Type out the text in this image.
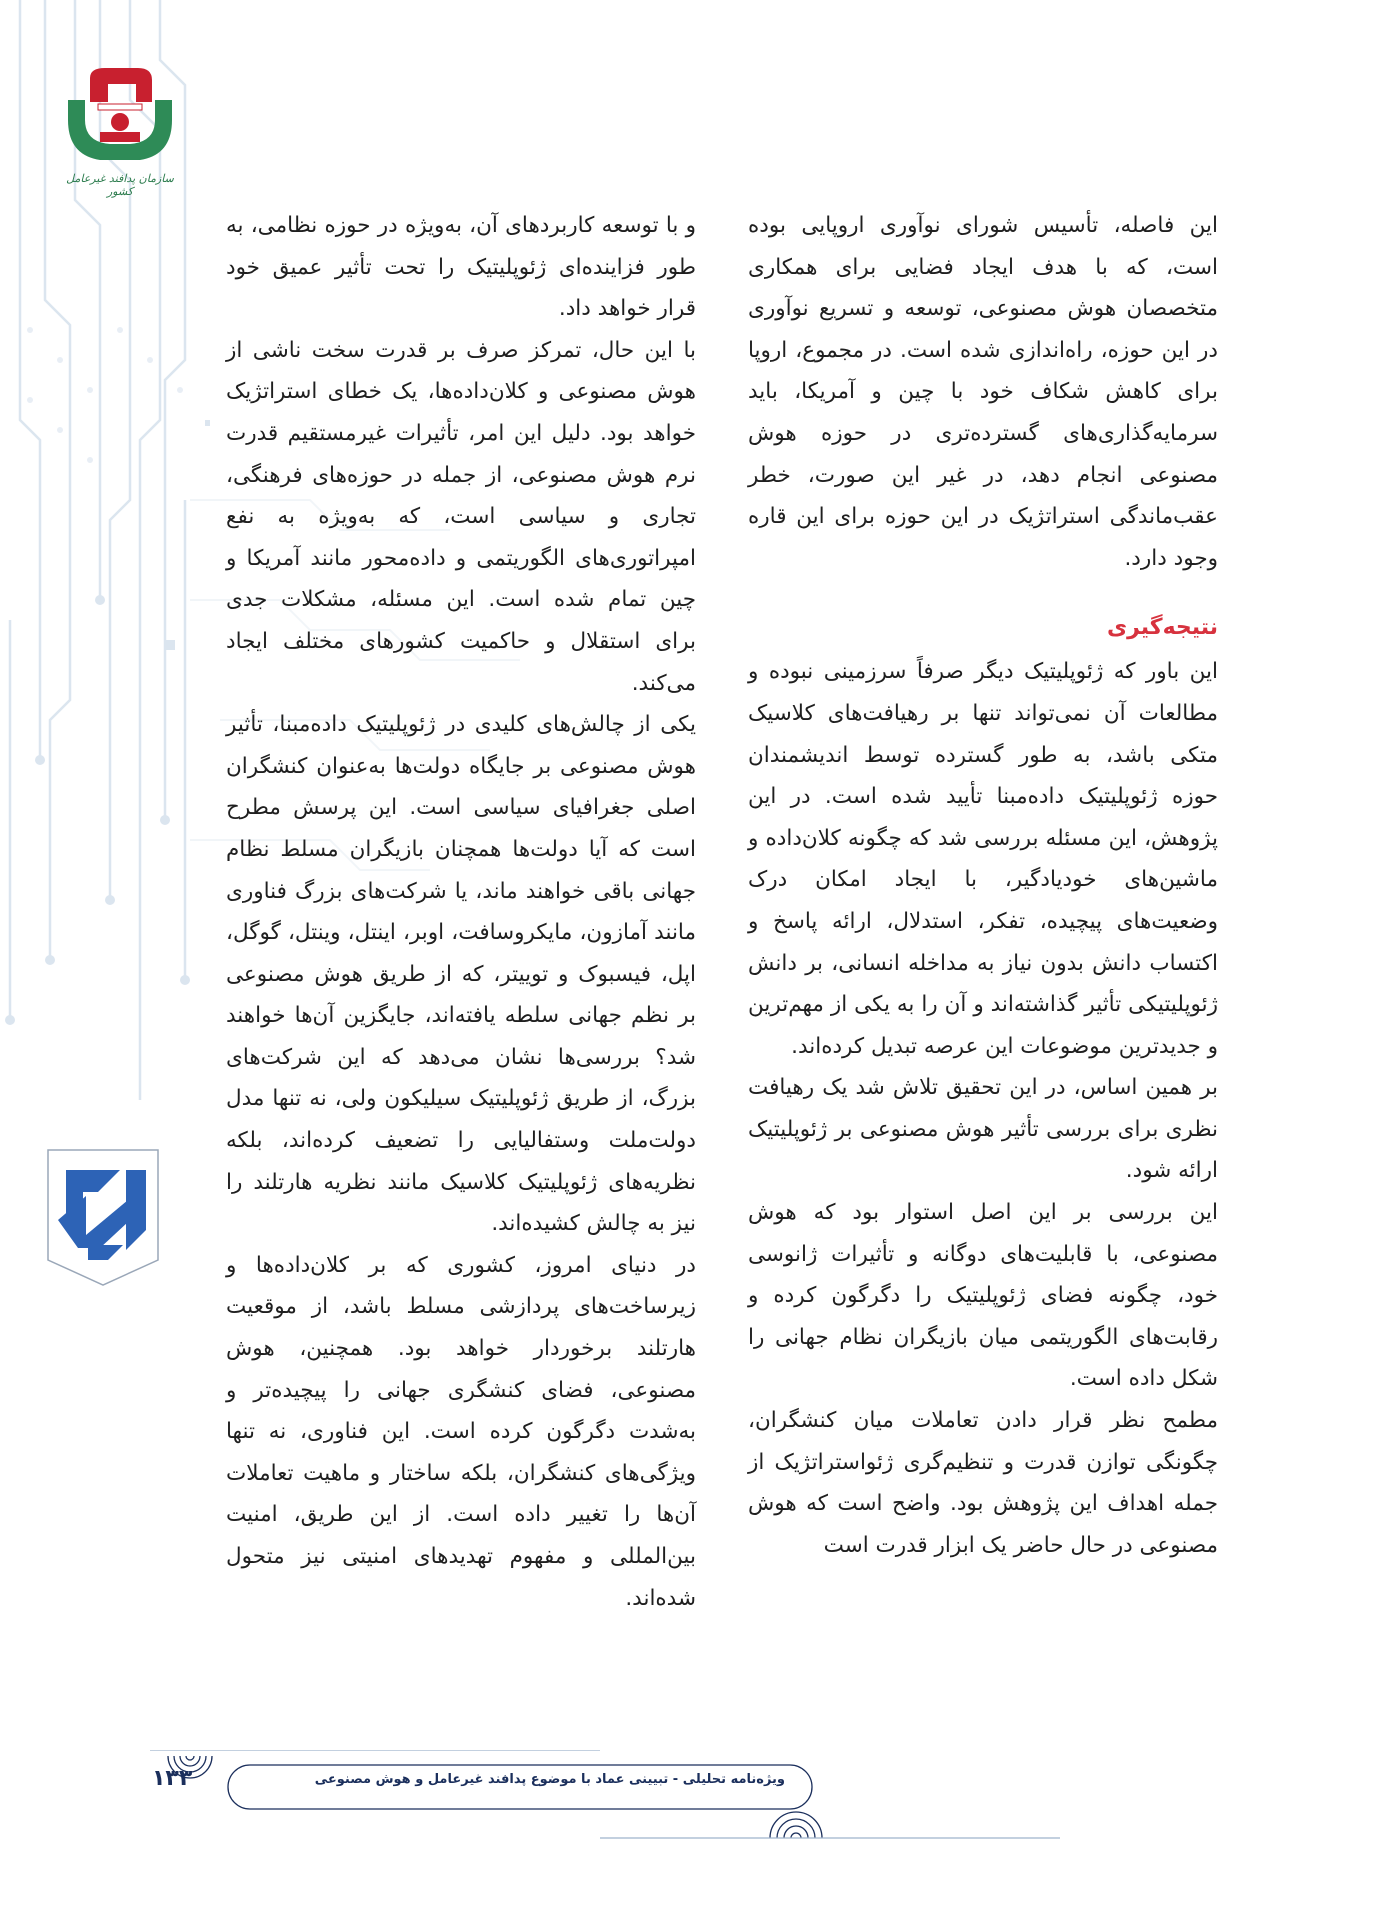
سازمان پدافند غیرعامل کشور

این فاصله، تأسیس شورای نوآوری اروپایی بوده است، که با هدف ایجاد فضایی برای همکاری متخصصان هوش مصنوعی، توسعه و تسریع نوآوری در این حوزه، راه‌اندازی شده است. در مجموع، اروپا برای کاهش شکاف خود با چین و آمریکا، باید سرمایه‌گذاری‌های گسترده‌تری در حوزه هوش مصنوعی انجام دهد، در غیر این صورت، خطر عقب‌ماندگی استراتژیک در این حوزه برای این قاره وجود دارد.

نتیجه‌گیری

این باور که ژئوپلیتیک دیگر صرفاً سرزمینی نبوده و مطالعات آن نمی‌تواند تنها بر رهیافت‌های کلاسیک متکی باشد، به طور گسترده توسط اندیشمندان حوزه ژئوپلیتیک داده‌مبنا تأیید شده است. در این پژوهش، این مسئله بررسی شد که چگونه کلان‌داده و ماشین‌های خودیادگیر، با ایجاد امکان درک وضعیت‌های پیچیده، تفکر، استدلال، ارائه پاسخ و اکتساب دانش بدون نیاز به مداخله انسانی، بر دانش ژئوپلیتیکی تأثیر گذاشته‌اند و آن را به یکی از مهم‌ترین و جدیدترین موضوعات این عرصه تبدیل کرده‌اند.

بر همین اساس، در این تحقیق تلاش شد یک رهیافت نظری برای بررسی تأثیر هوش مصنوعی بر ژئوپلیتیک ارائه شود.

این بررسی بر این اصل استوار بود که هوش مصنوعی، با قابلیت‌های دوگانه و تأثیرات ژانوسی خود، چگونه فضای ژئوپلیتیک را دگرگون کرده و رقابت‌های الگوریتمی میان بازیگران نظام جهانی را شکل داده است.

مطمح نظر قرار دادن تعاملات میان کنشگران، چگونگی توازن قدرت و تنظیم‌گری ژئواستراتژیک از جمله اهداف این پژوهش بود. واضح است که هوش مصنوعی در حال حاضر یک ابزار قدرت است

و با توسعه کاربردهای آن، به‌ویژه در حوزه نظامی، به طور فزاینده‌ای ژئوپلیتیک را تحت تأثیر عمیق خود قرار خواهد داد.

با این حال، تمرکز صرف بر قدرت سخت ناشی از هوش مصنوعی و کلان‌داده‌ها، یک خطای استراتژیک خواهد بود. دلیل این امر، تأثیرات غیرمستقیم قدرت نرم هوش مصنوعی، از جمله در حوزه‌های فرهنگی، تجاری و سیاسی است، که به‌ویژه به نفع امپراتوری‌های الگوریتمی و داده‌محور مانند آمریکا و چین تمام شده است. این مسئله، مشکلات جدی برای استقلال و حاکمیت کشورهای مختلف ایجاد می‌کند.

یکی از چالش‌های کلیدی در ژئوپلیتیک داده‌مبنا، تأثیر هوش مصنوعی بر جایگاه دولت‌ها به‌عنوان کنشگران اصلی جغرافیای سیاسی است. این پرسش مطرح است که آیا دولت‌ها همچنان بازیگران مسلط نظام جهانی باقی خواهند ماند، یا شرکت‌های بزرگ فناوری مانند آمازون، مایکروسافت، اوبر، اینتل، وینتل، گوگل، اپل، فیسبوک و توییتر، که از طریق هوش مصنوعی بر نظم جهانی سلطه یافته‌اند، جایگزین آن‌ها خواهند شد؟ بررسی‌ها نشان می‌دهد که این شرکت‌های بزرگ، از طریق ژئوپلیتیک سیلیکون ولی، نه تنها مدل دولت‌ملت وستفالیایی را تضعیف کرده‌اند، بلکه نظریه‌های ژئوپلیتیک کلاسیک مانند نظریه هارتلند را نیز به چالش کشیده‌اند.

در دنیای امروز، کشوری که بر کلان‌داده‌ها و زیرساخت‌های پردازشی مسلط باشد، از موقعیت هارتلند برخوردار خواهد بود. همچنین، هوش مصنوعی، فضای کنشگری جهانی را پیچیده‌تر و به‌شدت دگرگون کرده است. این فناوری، نه تنها ویژگی‌های کنشگران، بلکه ساختار و ماهیت تعاملات آن‌ها را تغییر داده است. از این طریق، امنیت بین‌المللی و مفهوم تهدیدهای امنیتی نیز متحول شده‌اند.

ویژه‌نامه تحلیلی - تبیینی عماد با موضوع پدافند غیرعامل و هوش مصنوعی
۱۳۳
